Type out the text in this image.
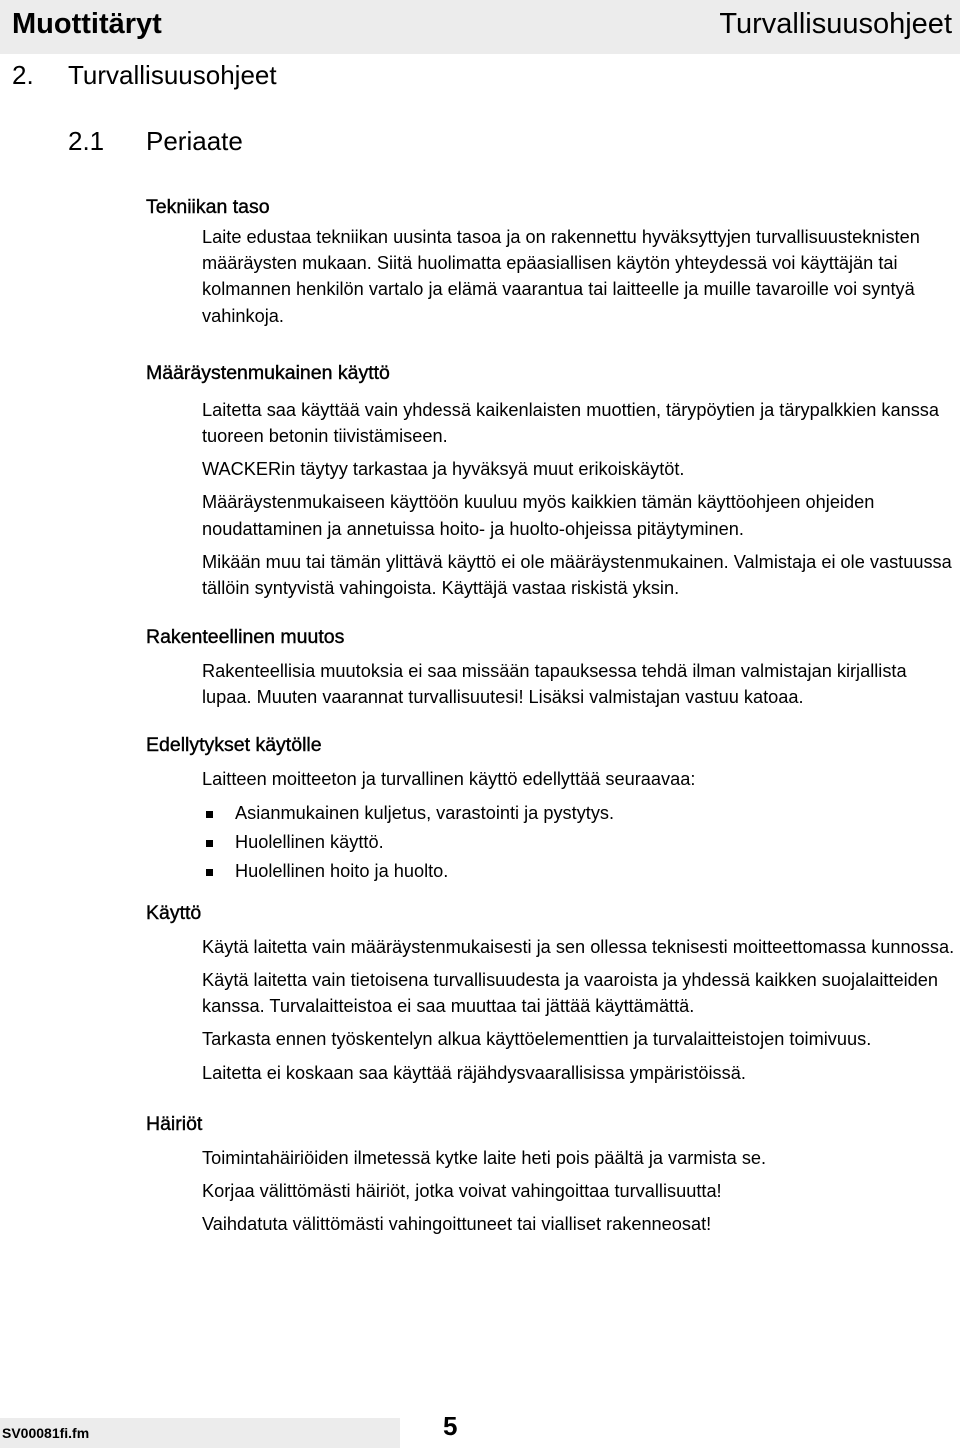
Muottitäryt	Turvallisuusohjeet
2. Turvallisuusohjeet
2.1 Periaate
Tekniikan taso

Laite edustaa tekniikan uusinta tasoa ja on rakennettu hyväksyttyjen turvallisuusteknisten määräysten mukaan. Siitä huolimatta epäasiallisen käytön yhteydessä voi käyttäjän tai kolmannen henkilön vartalo ja elämä vaarantua tai laitteelle ja muille tavaroille voi syntyä vahinkoja.

Määräystenmukainen käyttö

Laitetta saa käyttää vain yhdessä kaikenlaisten muottien, tärypöytien ja tärypalkkien kanssa tuoreen betonin tiivistämiseen.

WACKERin täytyy tarkastaa ja hyväksyä muut erikoiskäytöt.

Määräystenmukaiseen käyttöön kuuluu myös kaikkien tämän käyttöohjeen ohjeiden noudattaminen ja annetuissa hoito- ja huolto-ohjeissa pitäytyminen.

Mikään muu tai tämän ylittävä käyttö ei ole määräystenmukainen. Valmistaja ei ole vastuussa tällöin syntyvistä vahingoista. Käyttäjä vastaa riskistä yksin.

Rakenteellinen muutos

Rakenteellisia muutoksia ei saa missään tapauksessa tehdä ilman valmistajan kirjallista lupaa. Muuten vaarannat turvallisuutesi! Lisäksi valmistajan vastuu katoaa.

Edellytykset käytölle

Laitteen moitteeton ja turvallinen käyttö edellyttää seuraavaa:

Asianmukainen kuljetus, varastointi ja pystytys.
Huolellinen käyttö.
Huolellinen hoito ja huolto.
Käyttö

Käytä laitetta vain määräystenmukaisesti ja sen ollessa teknisesti moitteettomassa kunnossa.

Käytä laitetta vain tietoisena turvallisuudesta ja vaaroista ja yhdessä kaikken suojalaitteiden kanssa. Turvalaitteistoa ei saa muuttaa tai jättää käyttämättä.

Tarkasta ennen työskentelyn alkua käyttöelementtien ja turvalaitteistojen toimivuus.

Laitetta ei koskaan saa käyttää räjähdysvaarallisissa ympäristöissä.

Häiriöt

Toimintahäiriöiden ilmetessä kytke laite heti pois päältä ja varmista se.

Korjaa välittömästi häiriöt, jotka voivat vahingoittaa turvallisuutta!

Vaihdatuta välittömästi vahingoittuneet tai vialliset rakenneosat!

SV00081fi.fm	5
